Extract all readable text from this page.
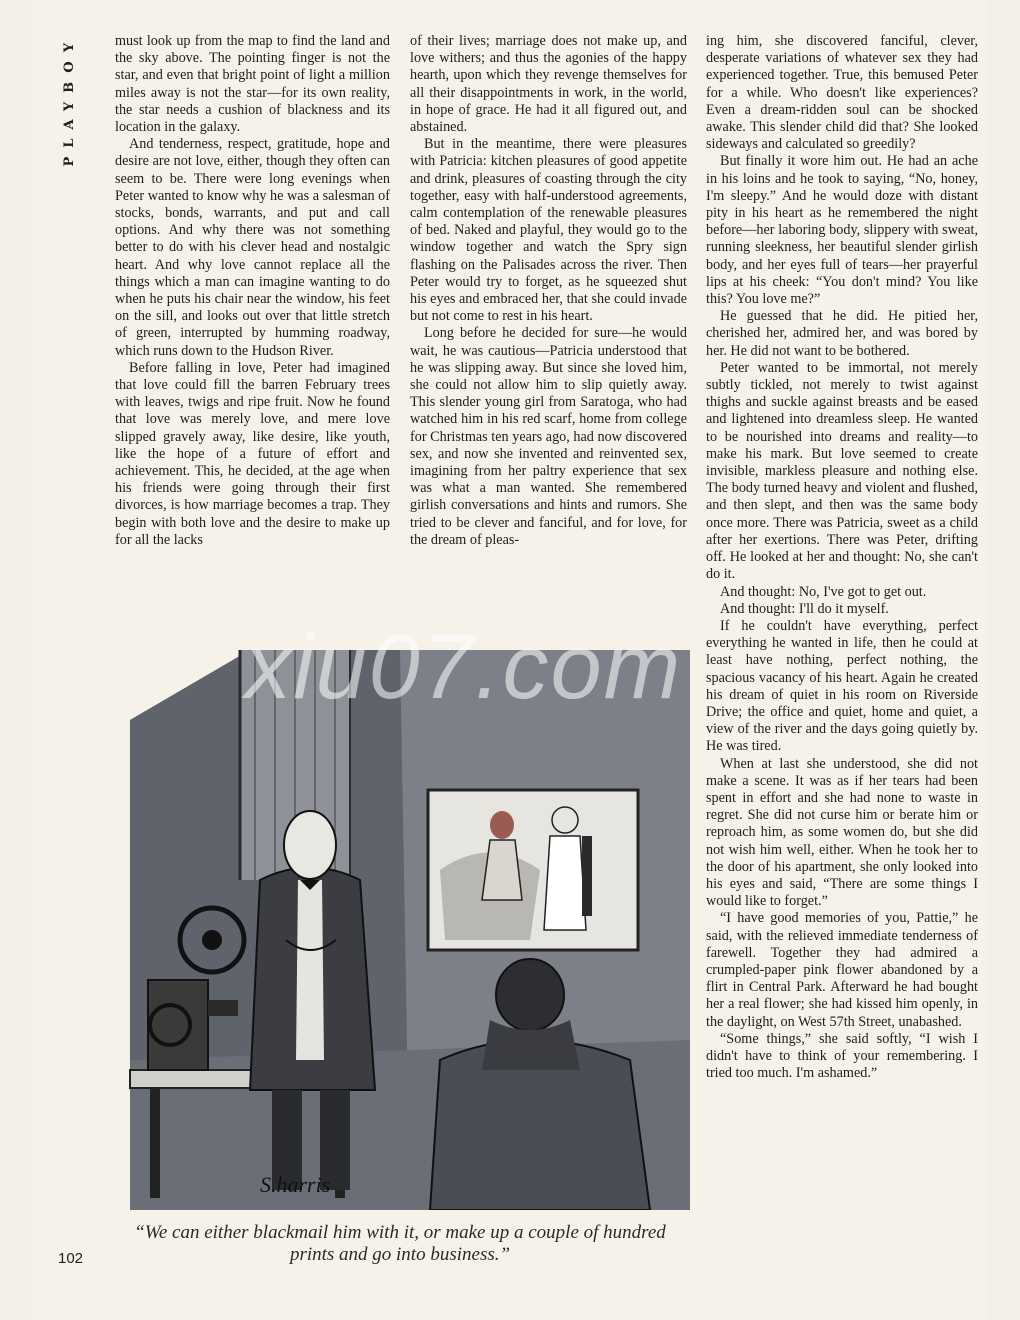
PLAYBOY	must look up from the map to find the land and the sky above. The pointing finger is not the star, and even that bright point of light a million miles away is not the star—for its own reality, the star needs a cushion of blackness and its location in the galaxy.

And tenderness, respect, gratitude, hope and desire are not love, either, though they often can seem to be. There were long evenings when Peter wanted to know why he was a salesman of stocks, bonds, warrants, and put and call options. And why there was not something better to do with his clever head and nostalgic heart. And why love cannot replace all the things which a man can imagine wanting to do when he puts his chair near the window, his feet on the sill, and looks out over that little stretch of green, interrupted by humming roadway, which runs down to the Hudson River.

Before falling in love, Peter had imagined that love could fill the barren February trees with leaves, twigs and ripe fruit. Now he found that love was merely love, and mere love slipped gravely away, like desire, like youth, like the hope of a future of effort and achievement. This, he decided, at the age when his friends were going through their first divorces, is how marriage becomes a trap. They begin with both love and the desire to make up for all the lacks

of their lives; marriage does not make up, and love withers; and thus the agonies of the happy hearth, upon which they revenge themselves for all their disappointments in work, in the world, in hope of grace. He had it all figured out, and abstained.

But in the meantime, there were pleasures with Patricia: kitchen pleasures of good appetite and drink, pleasures of coasting through the city together, easy with half-understood agreements, calm contemplation of the renewable pleasures of bed. Naked and playful, they would go to the window together and watch the Spry sign flashing on the Palisades across the river. Then Peter would try to forget, as he squeezed shut his eyes and embraced her, that she could invade but not come to rest in his heart.

Long before he decided for sure—he would wait, he was cautious—Patricia understood that he was slipping away. But since she loved him, she could not allow him to slip quietly away. This slender young girl from Saratoga, who had watched him in his red scarf, home from college for Christmas ten years ago, had now discovered sex, and now she invented and reinvented sex, imagining from her paltry experience that sex was what a man wanted. She remembered girlish conversations and hints and rumors. She tried to be clever and fanciful, and for love, for the dream of pleas-

ing him, she discovered fanciful, clever, desperate variations of whatever sex they had experienced together. True, this bemused Peter for a while. Who doesn't like experiences? Even a dream-ridden soul can be shocked awake. This slender child did that? She looked sideways and calculated so greedily?

But finally it wore him out. He had an ache in his loins and he took to saying, “No, honey, I'm sleepy.” And he would doze with distant pity in his heart as he remembered the night before—her laboring body, slippery with sweat, running sleekness, her beautiful slender girlish body, and her eyes full of tears—her prayerful lips at his cheek: “You don't mind? You like this? You love me?”

He guessed that he did. He pitied her, cherished her, admired her, and was bored by her. He did not want to be bothered.

Peter wanted to be immortal, not merely subtly tickled, not merely to twist against thighs and suckle against breasts and be eased and lightened into dreamless sleep. He wanted to be nourished into dreams and reality—to make his mark. But love seemed to create invisible, markless pleasure and nothing else. The body turned heavy and violent and flushed, and then slept, and then was the same body once more. There was Patricia, sweet as a child after her exertions. There was Peter, drifting off. He looked at her and thought: No, she can't do it.

And thought: No, I've got to get out.

And thought: I'll do it myself.

If he couldn't have everything, perfect everything he wanted in life, then he could at least have nothing, perfect nothing, the spacious vacancy of his heart. Again he created his dream of quiet in his room on Riverside Drive; the office and quiet, home and quiet, a view of the river and the days going quietly by. He was tired.

When at last she understood, she did not make a scene. It was as if her tears had been spent in effort and she had none to waste in regret. She did not curse him or berate him or reproach him, as some women do, but she did not wish him well, either. When he took her to the door of his apartment, she only looked into his eyes and said, “There are some things I would like to forget.”

“I have good memories of you, Pattie,” he said, with the relieved immediate tenderness of farewell. Together they had admired a crumpled-paper pink flower abandoned by a flirt in Central Park. Afterward he had bought her a real flower; she had kissed him openly, in the daylight, on West 57th Street, unabashed.

“Some things,” she said softly, “I wish I didn't have to think of your remembering. I tried too much. I'm ashamed.”

S.harris
“We can either blackmail him with it, or make up a couple of hundred prints and go into business.”
102
xiu07.com
